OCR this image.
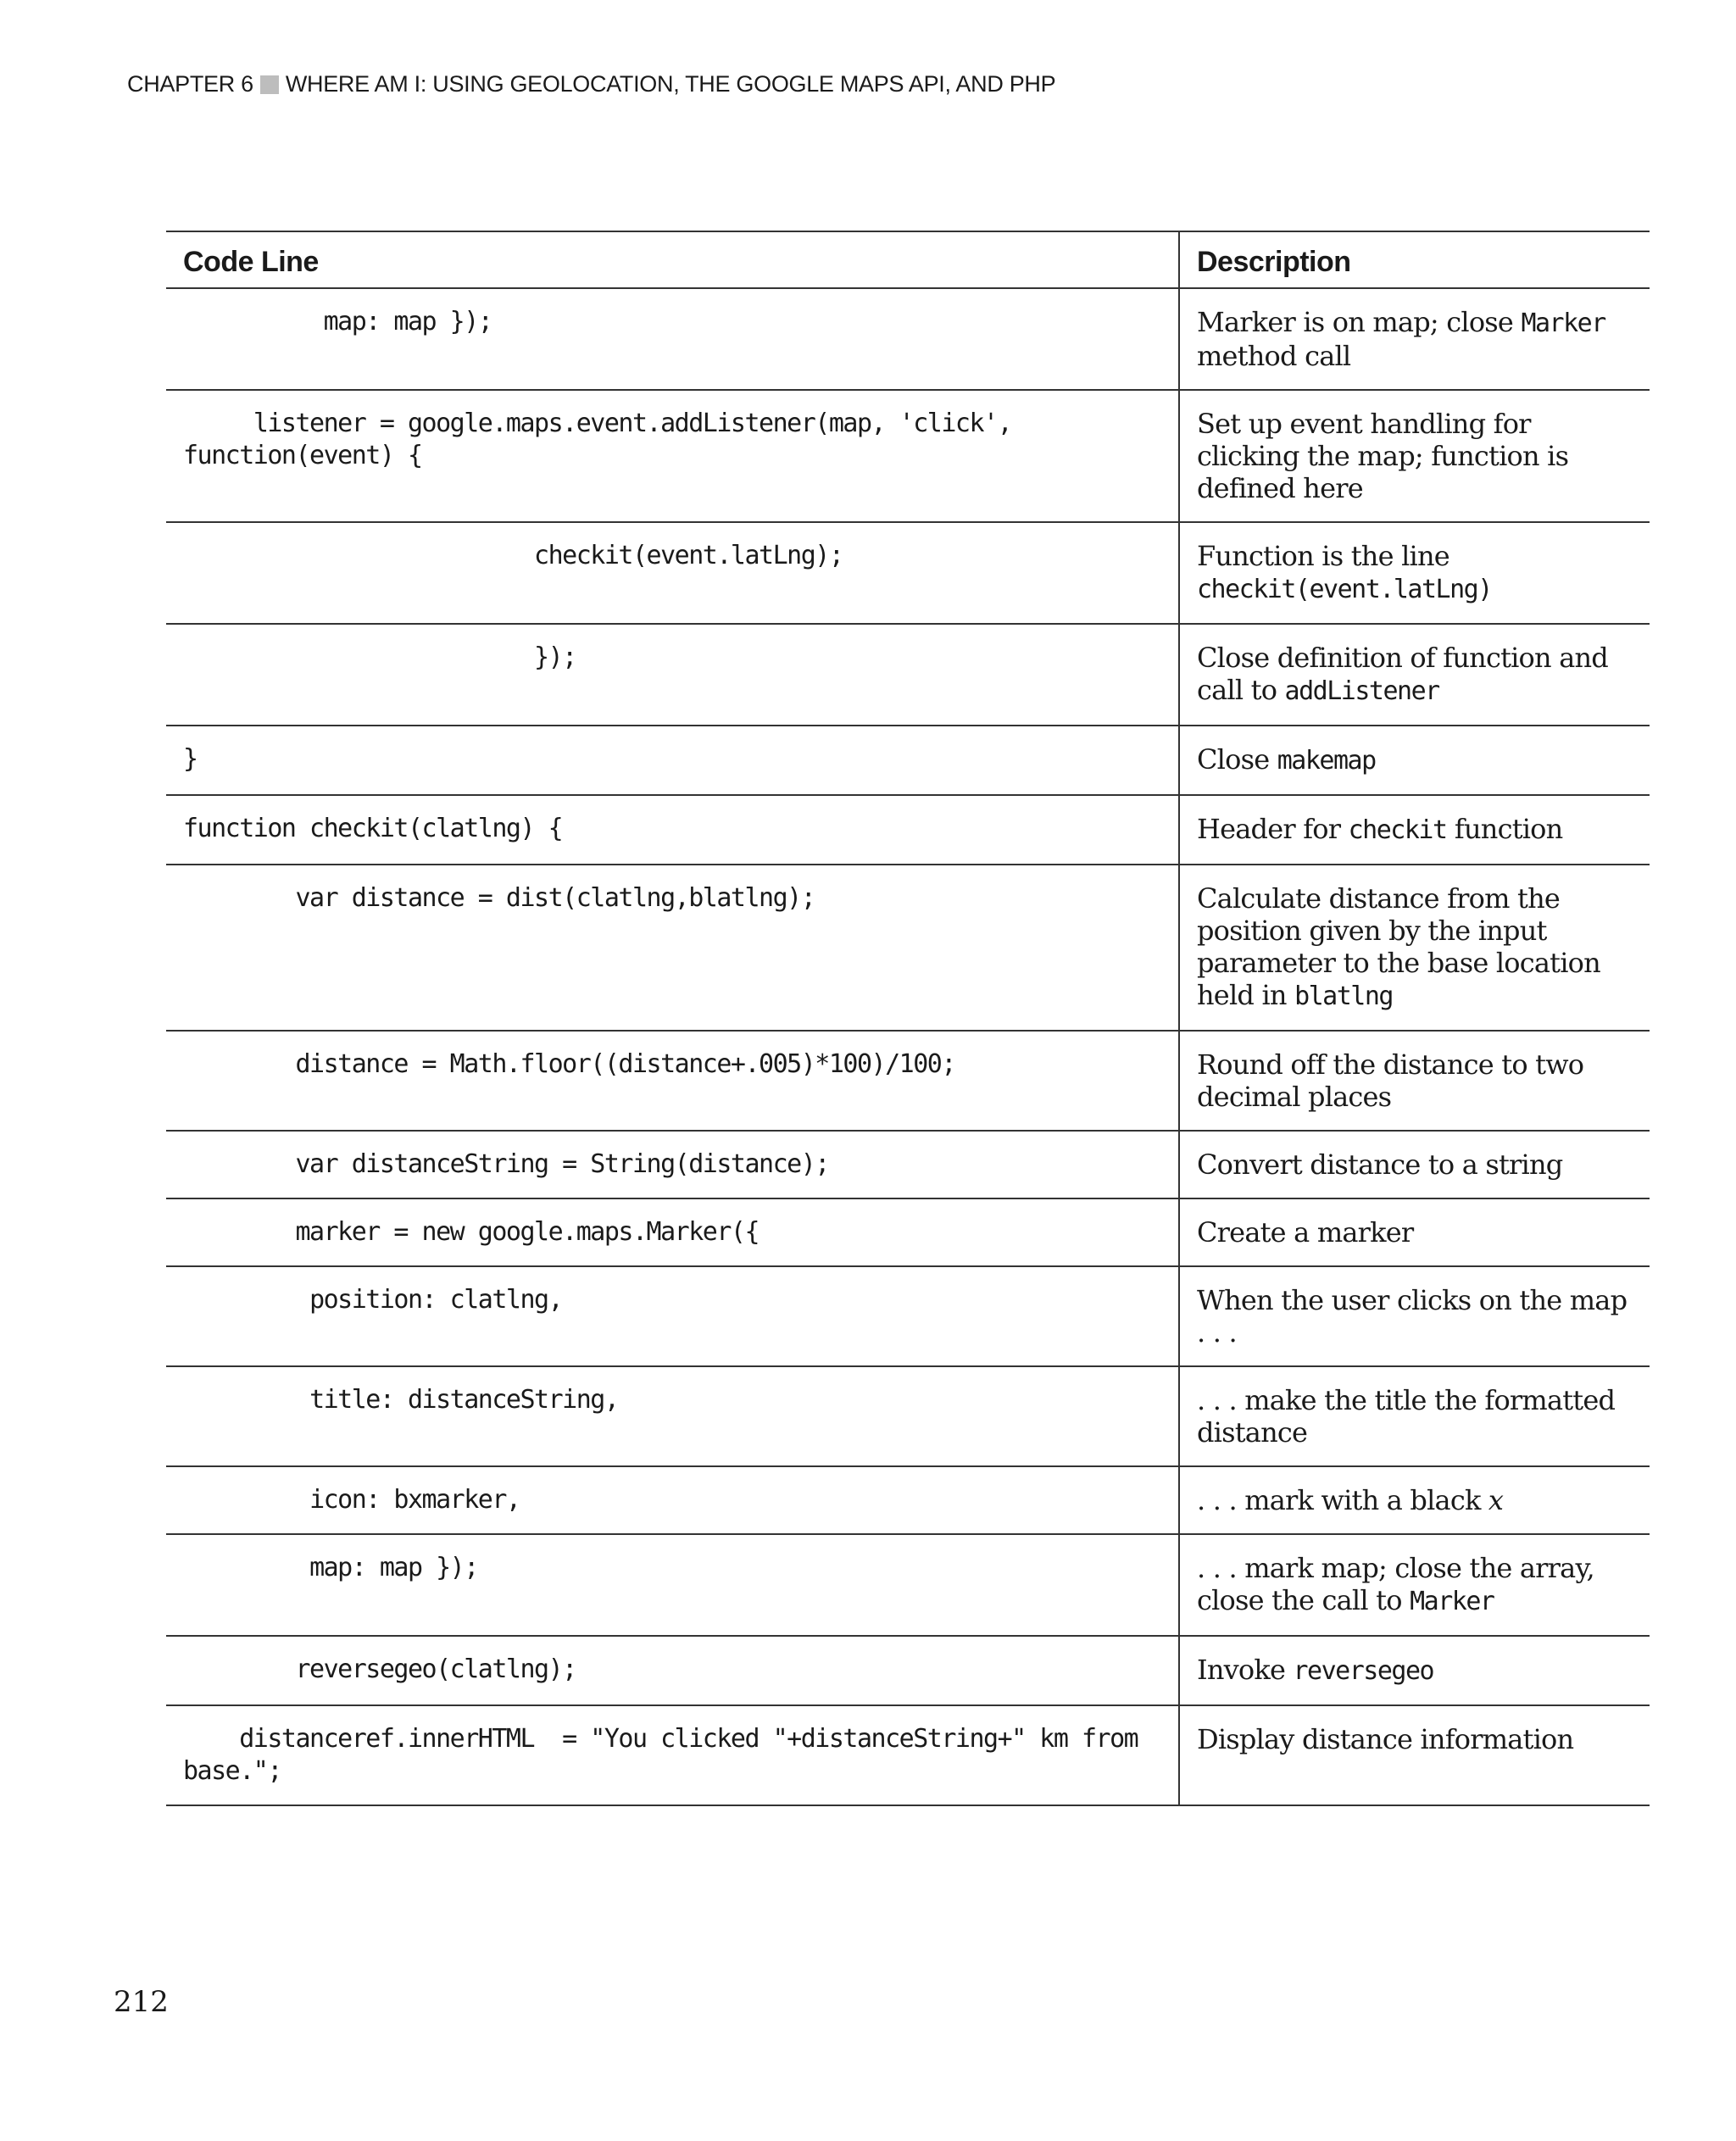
CHAPTER 6 WHERE AM I: USING GEOLOCATION, THE GOOGLE MAPS API, AND PHP
Code Line	Description
map: map });	Marker is on map; close Marker method call
listener = google.maps.event.addListener(map, 'click',
function(event) {	Set up event handling for clicking the map; function is defined here
checkit(event.latLng);	Function is the line checkit(event.latLng)
});	Close definition of function and call to addListener
}	Close makemap
function checkit(clatlng) {	Header for checkit function
var distance = dist(clatlng,blatlng);	Calculate distance from the position given by the input parameter to the base location held in blatlng
distance = Math.floor((distance+.005)*100)/100;	Round off the distance to two decimal places
var distanceString = String(distance);	Convert distance to a string
marker = new google.maps.Marker({	Create a marker
position: clatlng,	When the user clicks on the map . . .
title: distanceString,	. . . make the title the formatted distance
icon: bxmarker,	. . . mark with a black x
map: map });	. . . mark map; close the array, close the call to Marker
reversegeo(clatlng);	Invoke reversegeo
distanceref.innerHTML  = "You clicked "+distanceString+" km from base.";	Display distance information
212
